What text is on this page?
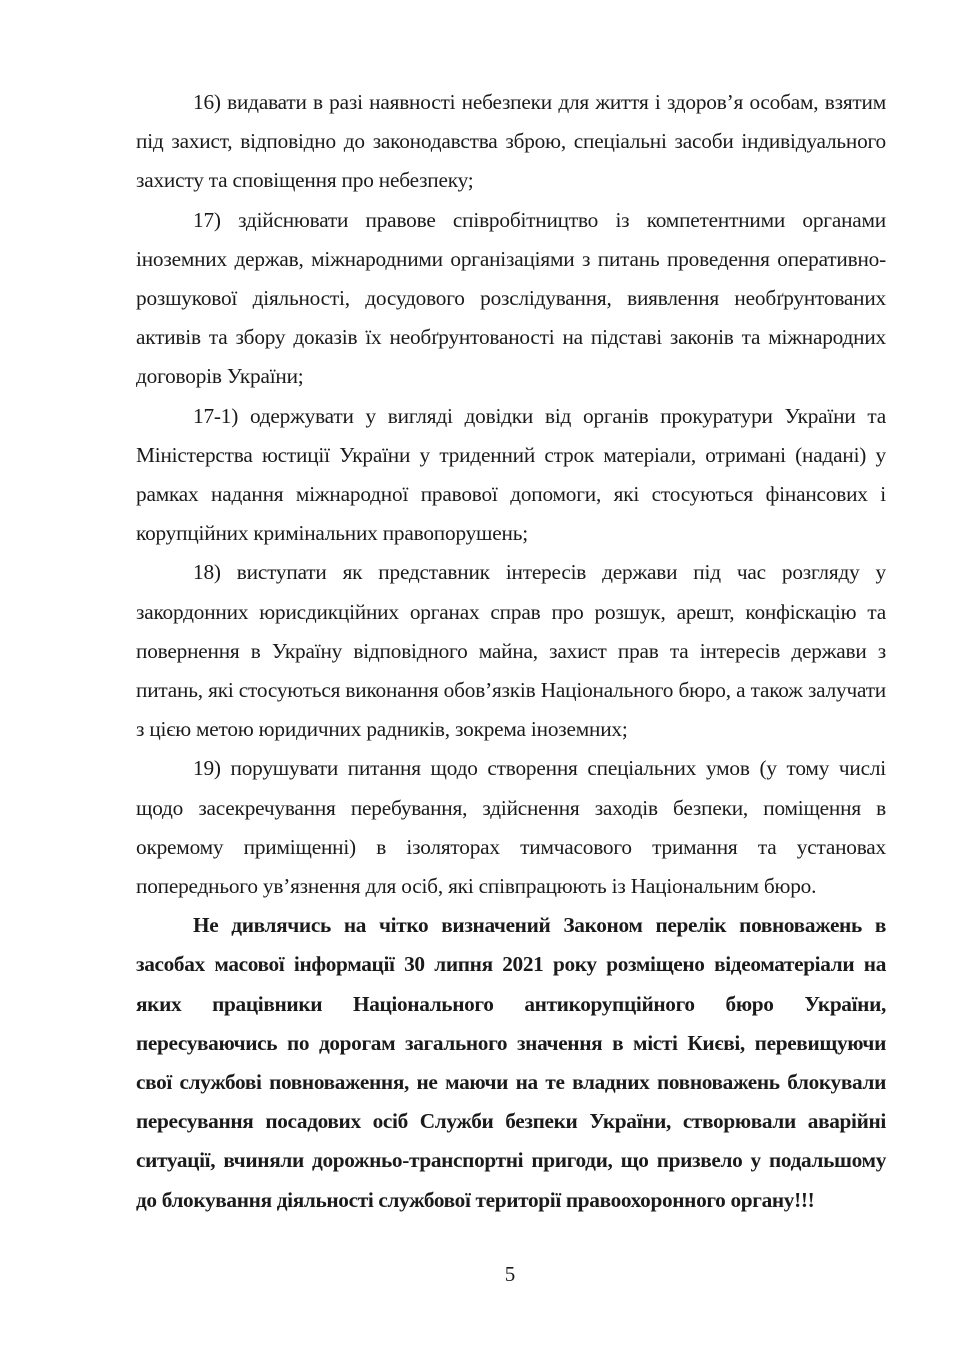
16) видавати в разі наявності небезпеки для життя і здоров’я особам, взятим під захист, відповідно до законодавства зброю, спеціальні засоби індивідуального захисту та сповіщення про небезпеку;

17) здійснювати правове співробітництво із компетентними органами іноземних держав, міжнародними організаціями з питань проведення оперативно-розшукової діяльності, досудового розслідування, виявлення необґрунтованих активів та збору доказів їх необґрунтованості на підставі законів та міжнародних договорів України;

17-1) одержувати у вигляді довідки від органів прокуратури України та Міністерства юстиції України у триденний строк матеріали, отримані (надані) у рамках надання міжнародної правової допомоги, які стосуються фінансових і корупційних кримінальних правопорушень;

18) виступати як представник інтересів держави під час розгляду у закордонних юрисдикційних органах справ про розшук, арешт, конфіскацію та повернення в Україну відповідного майна, захист прав та інтересів держави з питань, які стосуються виконання обов’язків Національного бюро, а також залучати з цією метою юридичних радників, зокрема іноземних;

19) порушувати питання щодо створення спеціальних умов (у тому числі щодо засекречування перебування, здійснення заходів безпеки, поміщення в окремому приміщенні) в ізоляторах тимчасового тримання та установах попереднього ув’язнення для осіб, які співпрацюють із Національним бюро.

Не дивлячись на чітко визначений Законом перелік повноважень в засобах масової інформації 30 липня 2021 року розміщено відеоматеріали на яких працівники Національного антикорупційного бюро України, пересуваючись по дорогам загального значення в місті Києві, перевищуючи свої службові повноваження, не маючи на те владних повноважень блокували пересування посадових осіб Служби безпеки України, створювали аварійні ситуації, вчиняли дорожньо-транспортні пригоди, що призвело у подальшому до блокування діяльності службової території правоохоронного органу!!!

5
